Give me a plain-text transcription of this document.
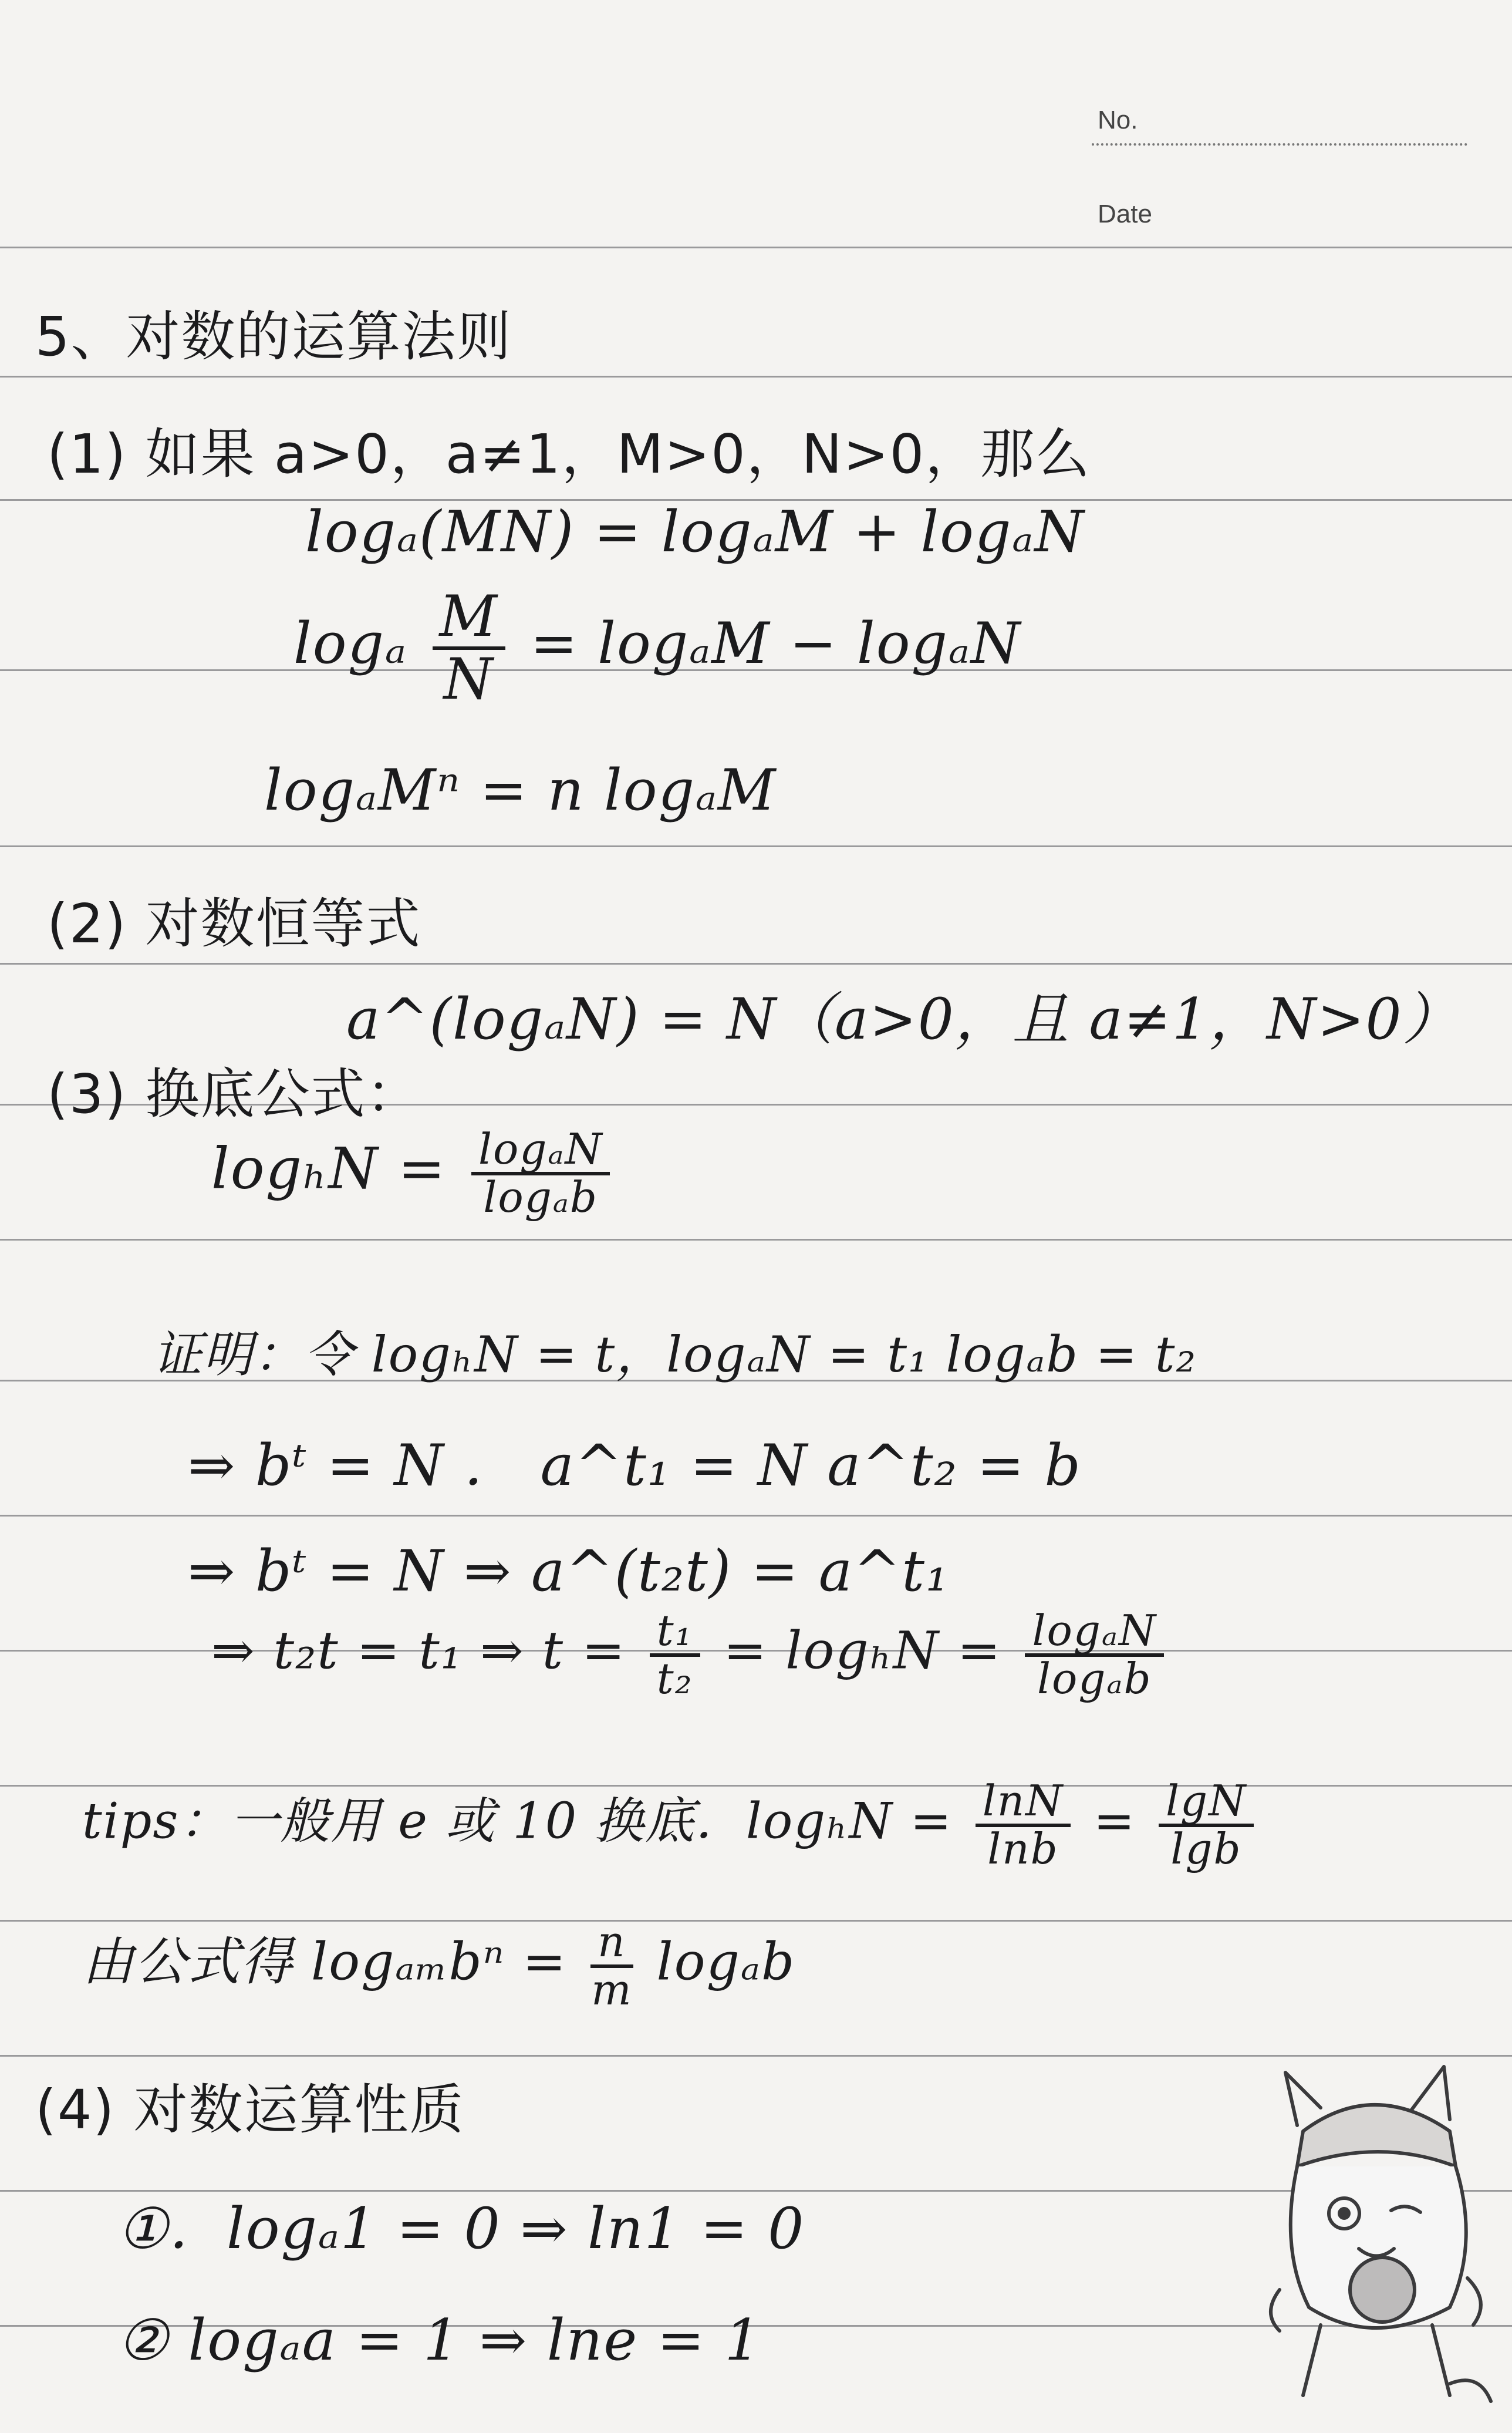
No.
Date
5、对数的运算法则
(1) 如果 a>0，a≠1，M>0，N>0，那么
logₐ(MN) = logₐM + logₐN
logₐ $\frac{M}{N} = \log_aM - \log_aN$
logₐMⁿ = n logₐM
(2) 对数恒等式
a^(logₐN) = N（a>0，且 a≠1，N>0）
(3) 换底公式：
$\log_hN = \frac{\text{logₐN}}{\text{logₐb}}$
证明：令 logₕN = t，logₐN = t₁ logₐb = t₂
⇒ bᵗ = N ． a^t₁ = N a^t₂ = b
⇒ bᵗ = N ⇒ a^(t₂t) = a^t₁
⇒ t₂t = t₁ ⇒ $t = \frac{\text{t₁}}{\text{t₂}} = \log_hN = \frac{\text{logₐN}}{\text{logₐb}}$
tips：一般用 e 或 10 换底．$\log_hN = \frac{\ln N}{\ln b} = \frac{\lg N}{\lg b}$
由公式得 $\log_{am}b^n = \frac{n}{m}$ logₐb
(4) 对数运算性质
①．logₐ1 = 0 ⇒ ln1 = 0
② logₐa = 1 ⇒ lne = 1
